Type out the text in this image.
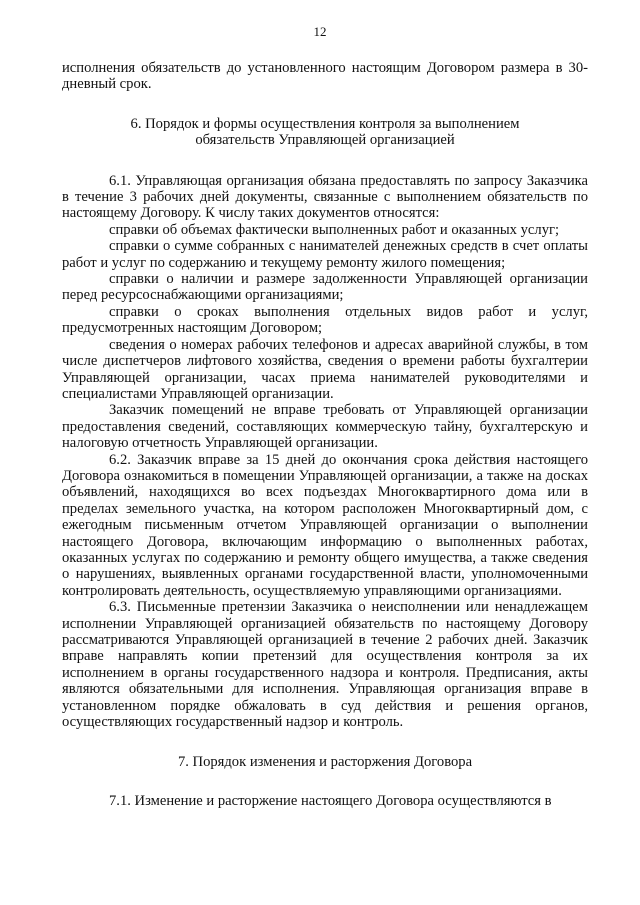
12

исполнения обязательств до установленного настоящим Договором размера в 30-дневный срок.

6. Порядок и формы осуществления контроля за выполнением
обязательств Управляющей организацией

6.1. Управляющая организация обязана предоставлять по запросу Заказчика в течение 3 рабочих дней документы, связанные с выполнением обязательств по настоящему Договору. К числу таких документов относятся:

справки об объемах фактически выполненных работ и оказанных услуг;

справки о сумме собранных с нанимателей денежных средств в счет оплаты работ и услуг по содержанию и текущему ремонту жилого помещения;

справки о наличии и размере задолженности Управляющей организации перед ресурсоснабжающими организациями;

справки о сроках выполнения отдельных видов работ и услуг, предусмотренных настоящим Договором;

сведения о номерах рабочих телефонов и адресах аварийной службы, в том числе диспетчеров лифтового хозяйства, сведения о времени работы бухгалтерии Управляющей организации, часах приема нанимателей руководителями и специалистами Управляющей организации.

Заказчик помещений не вправе требовать от Управляющей организации предоставления сведений, составляющих коммерческую тайну, бухгалтерскую и налоговую отчетность Управляющей организации.

6.2. Заказчик вправе за 15 дней до окончания срока действия настоящего Договора ознакомиться в помещении Управляющей организации, а также на досках объявлений, находящихся во всех подъездах Многоквартирного дома или в пределах земельного участка, на котором расположен Многоквартирный дом, с ежегодным письменным отчетом Управляющей организации о выполнении настоящего Договора, включающим информацию о выполненных работах, оказанных услугах по содержанию и ремонту общего имущества, а также сведения о нарушениях, выявленных органами государственной власти, уполномоченными контролировать деятельность, осуществляемую управляющими организациями.

6.3. Письменные претензии Заказчика о неисполнении или ненадлежащем исполнении Управляющей организацией обязательств по настоящему Договору рассматриваются Управляющей организацией в течение 2 рабочих дней. Заказчик вправе направлять копии претензий для осуществления контроля за их исполнением в органы государственного надзора и контроля. Предписания, акты являются обязательными для исполнения. Управляющая организация вправе в установленном порядке обжаловать в суд действия и решения органов, осуществляющих государственный надзор и контроль.

7. Порядок изменения и расторжения Договора

7.1. Изменение и расторжение настоящего Договора осуществляются в
